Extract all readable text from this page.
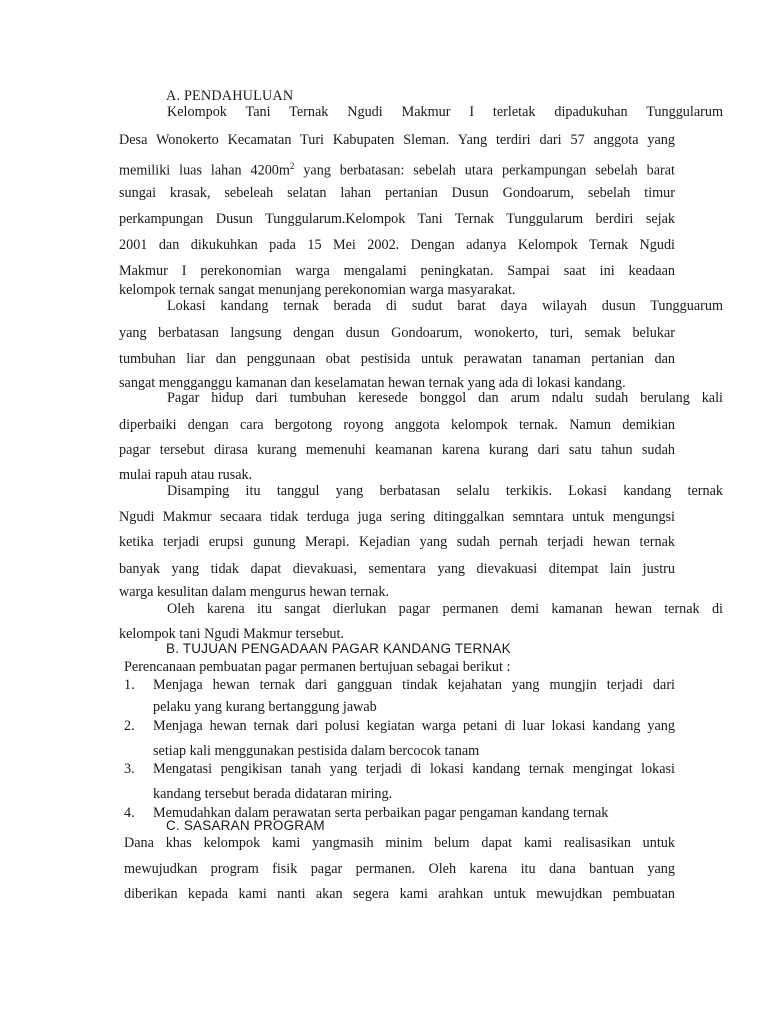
A. PENDAHULUAN
Kelompok Tani Ternak Ngudi Makmur I terletak dipadukuhan Tunggularum
Desa Wonokerto Kecamatan Turi Kabupaten Sleman. Yang terdiri dari 57 anggota yang
memiliki luas lahan $4200m^2$ yang berbatasan: sebelah utara perkampungan sebelah barat
sungai krasak, sebeleah selatan lahan pertanian Dusun Gondoarum, sebelah timur
perkampungan Dusun Tunggularum.Kelompok Tani Ternak Tunggularum berdiri sejak
2001 dan dikukuhkan pada 15 Mei 2002. Dengan adanya Kelompok Ternak Ngudi
Makmur I perekonomian warga mengalami peningkatan. Sampai saat ini keadaan
kelompok ternak sangat menunjang perekonomian warga masyarakat.
Lokasi kandang ternak berada di sudut barat daya wilayah dusun Tungguarum
yang berbatasan langsung dengan dusun Gondoarum, wonokerto, turi, semak belukar
tumbuhan liar dan penggunaan obat pestisida untuk perawatan tanaman pertanian dan
sangat mengganggu kamanan dan keselamatan hewan ternak yang ada di lokasi kandang.
Pagar hidup dari tumbuhan keresede bonggol dan arum ndalu sudah berulang kali
diperbaiki dengan cara bergotong royong anggota kelompok ternak. Namun demikian
pagar tersebut dirasa kurang memenuhi keamanan karena kurang dari satu tahun sudah
mulai rapuh atau rusak.
Disamping itu tanggul yang berbatasan selalu terkikis. Lokasi kandang ternak
Ngudi Makmur secaara tidak terduga juga sering ditinggalkan semntara untuk mengungsi
ketika terjadi erupsi gunung Merapi. Kejadian yang sudah pernah terjadi hewan ternak
banyak yang tidak dapat dievakuasi, sementara yang dievakuasi ditempat lain justru
warga kesulitan dalam mengurus hewan ternak.
Oleh karena itu sangat dierlukan pagar permanen demi kamanan hewan ternak di
kelompok tani Ngudi Makmur tersebut.
B. TUJUAN PENGADAAN PAGAR KANDANG TERNAK
Perencanaan pembuatan pagar permanen bertujuan sebagai berikut :
1.	Menjaga hewan ternak dari gangguan tindak kejahatan yang mungjin terjadi dari
pelaku yang kurang bertanggung jawab
2.	Menjaga hewan ternak dari polusi kegiatan warga petani di luar lokasi kandang yang
setiap kali menggunakan pestisida dalam bercocok tanam
3.	Mengatasi pengikisan tanah yang terjadi di lokasi kandang ternak mengingat lokasi
kandang tersebut berada didataran miring.
4.	Memudahkan dalam perawatan serta perbaikan pagar pengaman kandang ternak
C. SASARAN PROGRAM
Dana khas kelompok kami yangmasih minim belum dapat kami realisasikan untuk
mewujudkan program fisik pagar permanen. Oleh karena itu dana bantuan yang
diberikan kepada kami nanti akan segera kami arahkan untuk mewujdkan pembuatan
